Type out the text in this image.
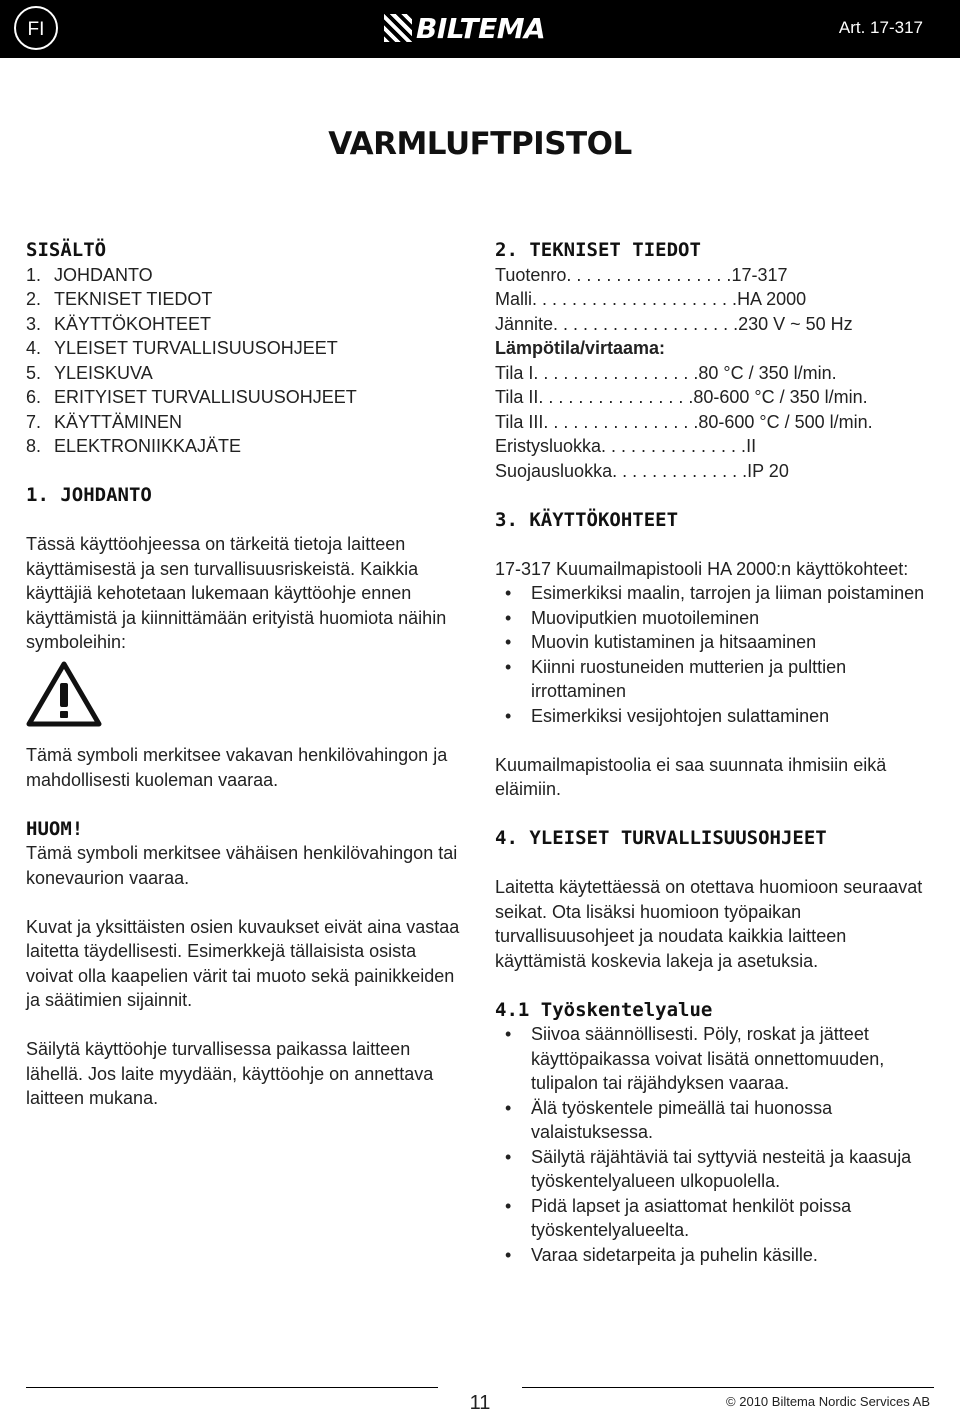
FI	BILTEMA	Art. 17-317
VARMLUFTPISTOL
SISÄLTÖ
1. JOHDANTO
2. TEKNISET TIEDOT
3. KÄYTTÖKOHTEET
4. YLEISET TURVALLISUUSOHJEET
5. YLEISKUVA
6. ERITYISET TURVALLISUUSOHJEET
7. KÄYTTÄMINEN
8. ELEKTRONIIKKAJÄTE
1. JOHDANTO

Tässä käyttöohjeessa on tärkeitä tietoja laitteen käyttämisestä ja sen turvallisuusriskeistä. Kaikkia käyttäjiä kehotetaan lukemaan käyttöohje ennen käyttämistä ja kiinnittämään erityistä huomiota näihin symboleihin:

Tämä symboli merkitsee vakavan henkilövahingon ja mahdollisesti kuoleman vaaraa.

HUOM!

Tämä symboli merkitsee vähäisen henkilövahingon tai konevaurion vaaraa.

Kuvat ja yksittäisten osien kuvaukset eivät aina vastaa laitetta täydellisesti. Esimerkkejä tällaisista osista voivat olla kaapelien värit tai muoto sekä painikkeiden ja säätimien sijainnit.

Säilytä käyttöohje turvallisessa paikassa laitteen lähellä. Jos laite myydään, käyttöohje on annettava laitteen mukana.

2. TEKNISET TIEDOT
Tuotenro . . . . . . . . . . . . . . . . . 17-317
Malli . . . . . . . . . . . . . . . . . . . . . HA 2000
Jännite . . . . . . . . . . . . . . . . . . . 230 V ~ 50 Hz
Lämpötila/virtaama:
Tila I . . . . . . . . . . . . . . . . . 80 °C / 350 l/min.
Tila II . . . . . . . . . . . . . . . . 80-600 °C / 350 l/min.
Tila III . . . . . . . . . . . . . . . . 80-600 °C / 500 l/min.
Eristysluokka . . . . . . . . . . . . . . . II
Suojausluokka . . . . . . . . . . . . . . IP 20
3. KÄYTTÖKOHTEET

17-317 Kuumailmapistooli HA 2000:n käyttökohteet:

• Esimerkiksi maalin, tarrojen ja liiman poistaminen
• Muoviputkien muotoileminen
• Muovin kutistaminen ja hitsaaminen
• Kiinni ruostuneiden mutterien ja pulttien irrottaminen
• Esimerkiksi vesijohtojen sulattaminen

Kuumailmapistoolia ei saa suunnata ihmisiin eikä eläimiin.

4. YLEISET TURVALLISUUSOHJEET

Laitetta käytettäessä on otettava huomioon seuraavat seikat. Ota lisäksi huomioon työpaikan turvallisuusohjeet ja noudata kaikkia laitteen käyttämistä koskevia lakeja ja asetuksia.

4.1 Työskentelyalue
• Siivoa säännöllisesti. Pöly, roskat ja jätteet käyttöpaikassa voivat lisätä onnettomuuden, tulipalon tai räjähdyksen vaaraa.
• Älä työskentele pimeällä tai huonossa valaistuksessa.
• Säilytä räjähtäviä tai syttyviä nesteitä ja kaasuja työskentelyalueen ulkopuolella.
• Pidä lapset ja asiattomat henkilöt poissa työskentelyalueelta.
• Varaa sidetarpeita ja puhelin käsille.
11	© 2010 Biltema Nordic Services AB
